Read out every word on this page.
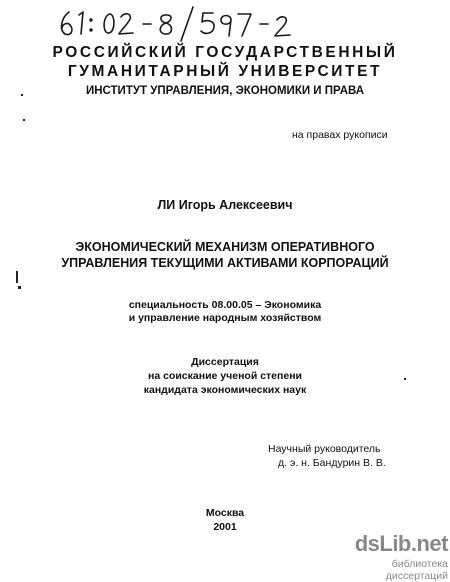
РОССИЙСКИЙ ГОСУДАРСТВЕННЫЙ
ГУМАНИТАРНЫЙ УНИВЕРСИТЕТ
ИНСТИТУТ УПРАВЛЕНИЯ, ЭКОНОМИКИ И ПРАВА
на правах рукописи
ЛИ Игорь Алексеевич
ЭКОНОМИЧЕСКИЙ МЕХАНИЗМ ОПЕРАТИВНОГО
УПРАВЛЕНИЯ ТЕКУЩИМИ АКТИВАМИ КОРПОРАЦИЙ
специальность 08.00.05 – Экономика
и управление народным хозяйством
Диссертация
на соискание ученой степени
кандидата экономических наук
Научный руководитель
д. э. н. Бандурин В. В.
Москва
2001
dsLib.net
библиотека диссертаций
